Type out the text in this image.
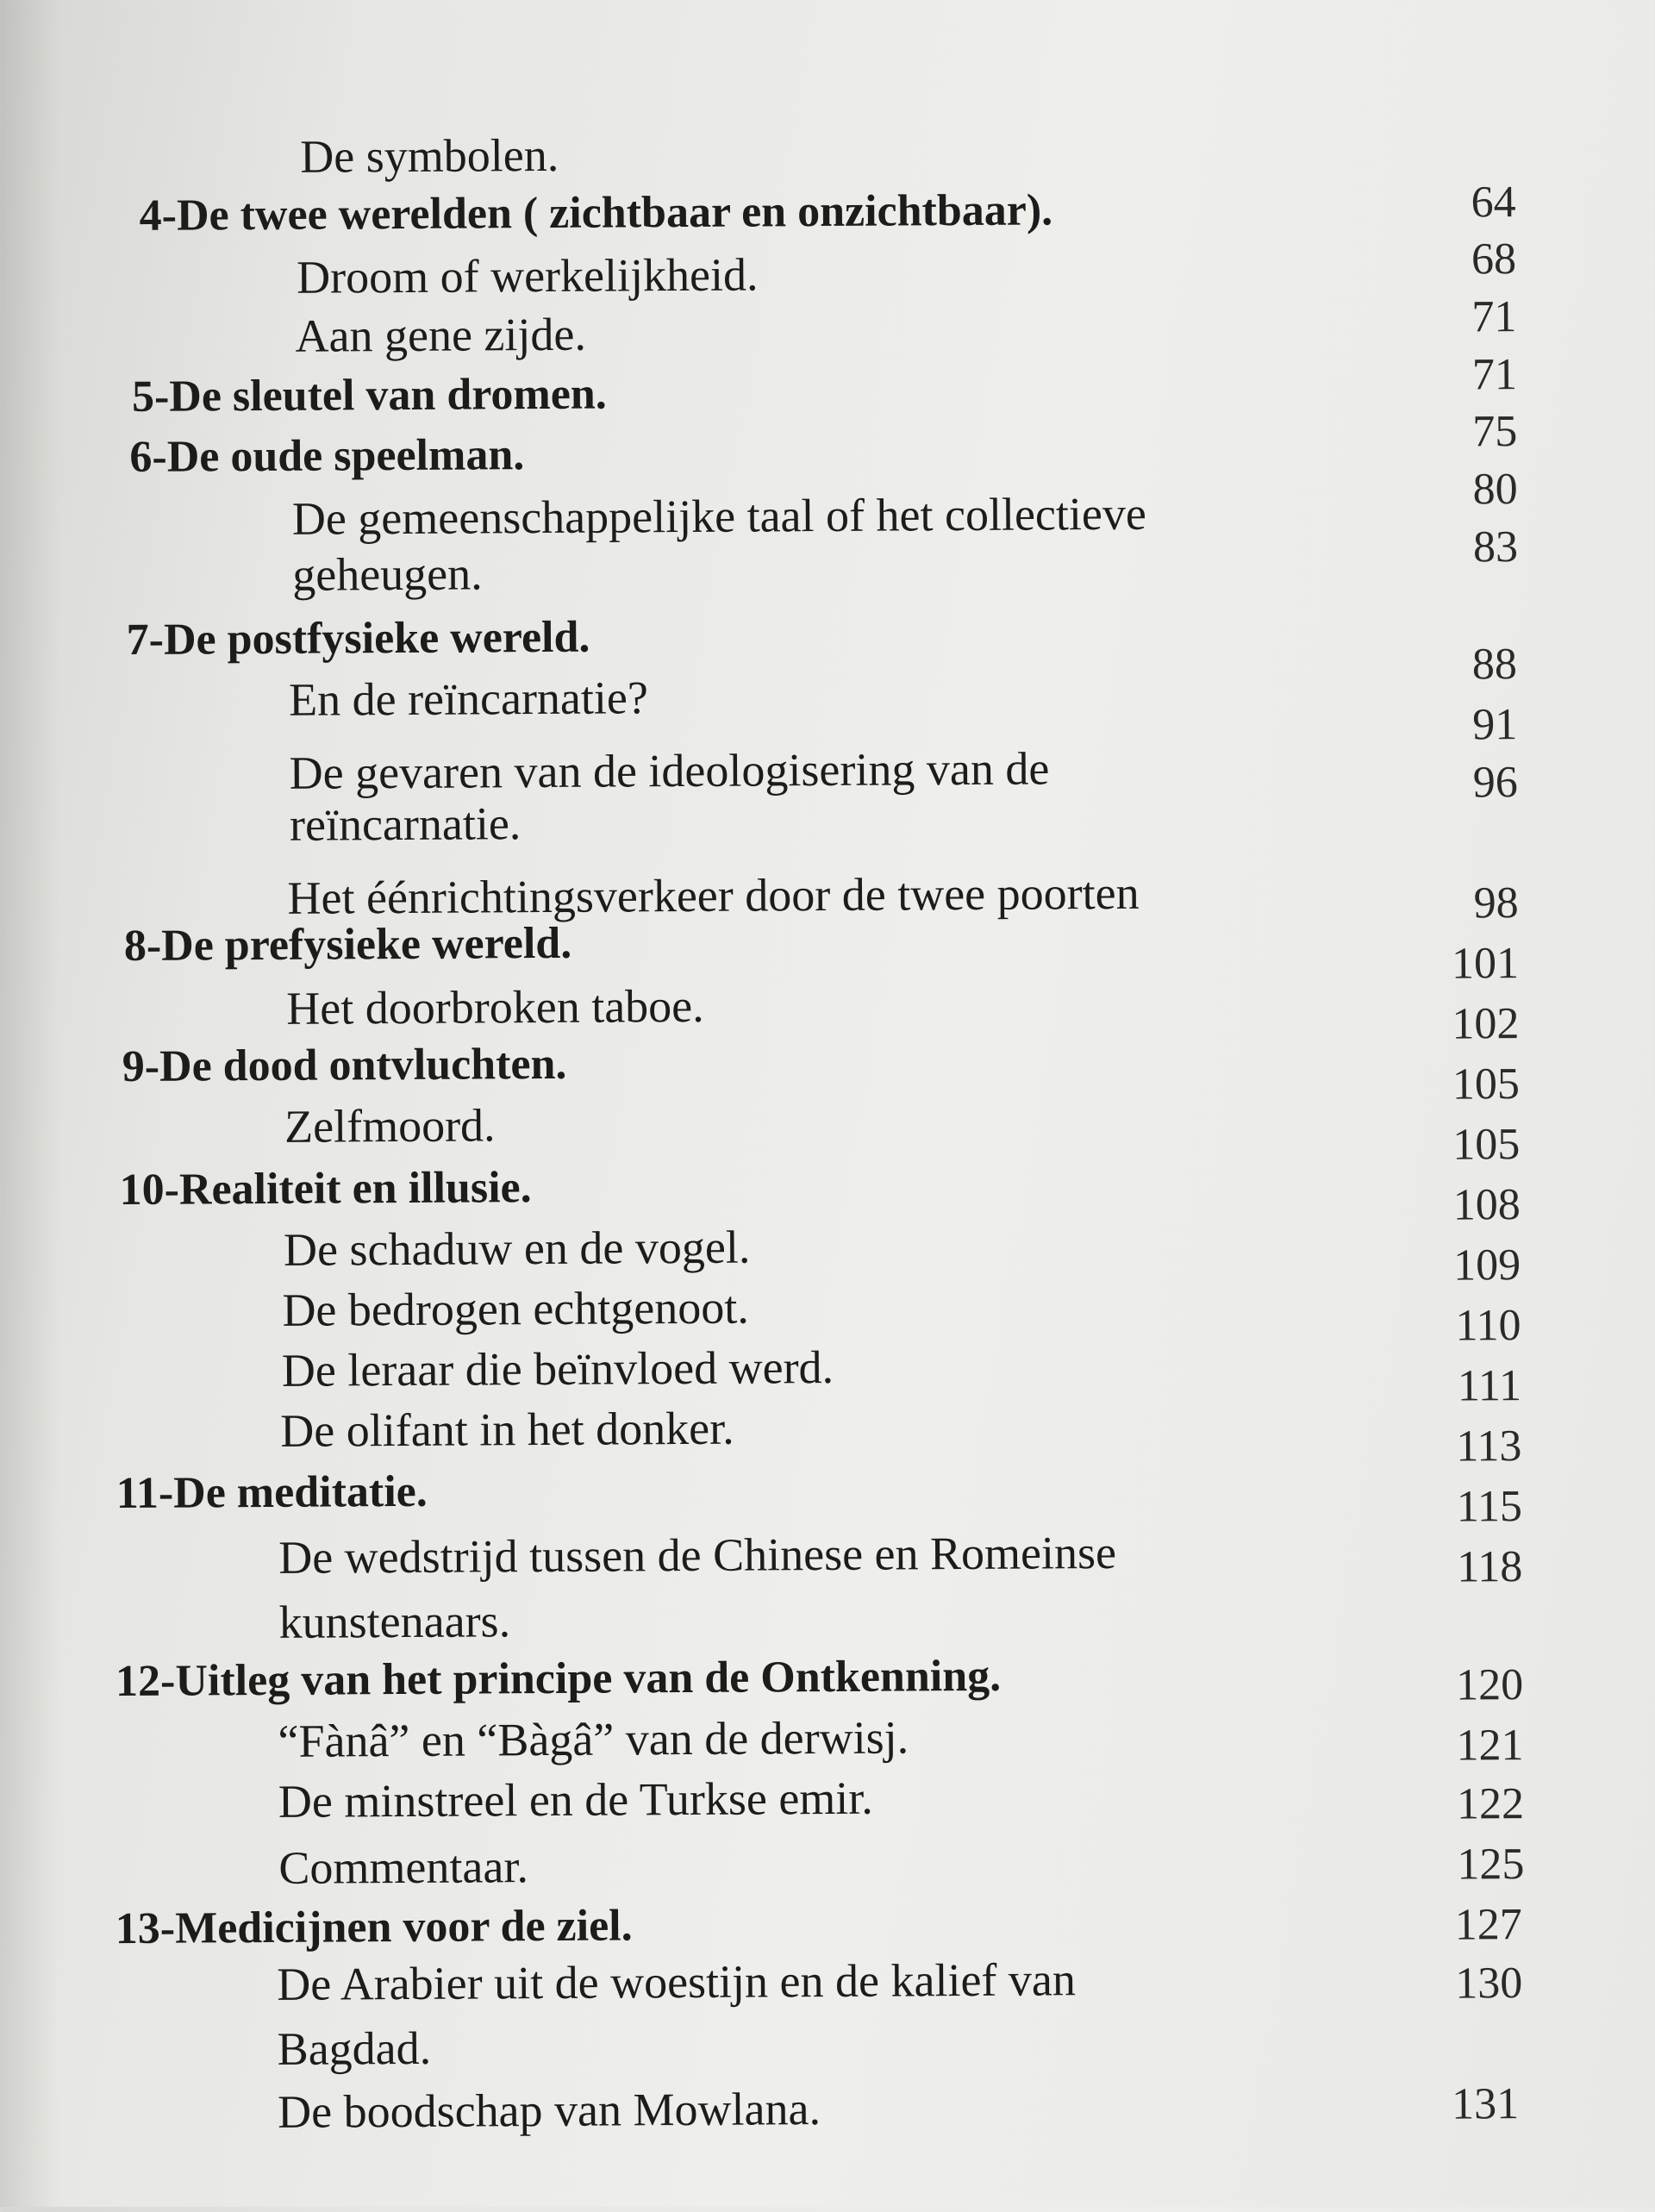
De symbolen.
4-De twee werelden ( zichtbaar en onzichtbaar).
Droom of werkelijkheid.
Aan gene zijde.
5-De sleutel van dromen.
6-De oude speelman.
De gemeenschappelijke taal of het collectieve
geheugen.
7-De postfysieke wereld.
En de reïncarnatie?
De gevaren van de ideologisering van de
reïncarnatie.
Het éénrichtingsverkeer door de twee poorten
8-De prefysieke wereld.
Het doorbroken taboe.
9-De dood ontvluchten.
Zelfmoord.
10-Realiteit en illusie.
De schaduw en de vogel.
De bedrogen echtgenoot.
De leraar die beïnvloed werd.
De olifant in het donker.
11-De meditatie.
De wedstrijd tussen de Chinese en Romeinse
kunstenaars.
12-Uitleg van het principe van de Ontkenning.
“Fànâ” en “Bàgâ” van de derwisj.
De minstreel en de Turkse emir.
Commentaar.
13-Medicijnen voor de ziel.
De Arabier uit de woestijn en de kalief van
Bagdad.
De boodschap van Mowlana.
64
68
71
71
75
80
83
88
91
96
98
101
102
105
105
108
109
110
111
113
115
118
120
121
122
125
127
130
131
